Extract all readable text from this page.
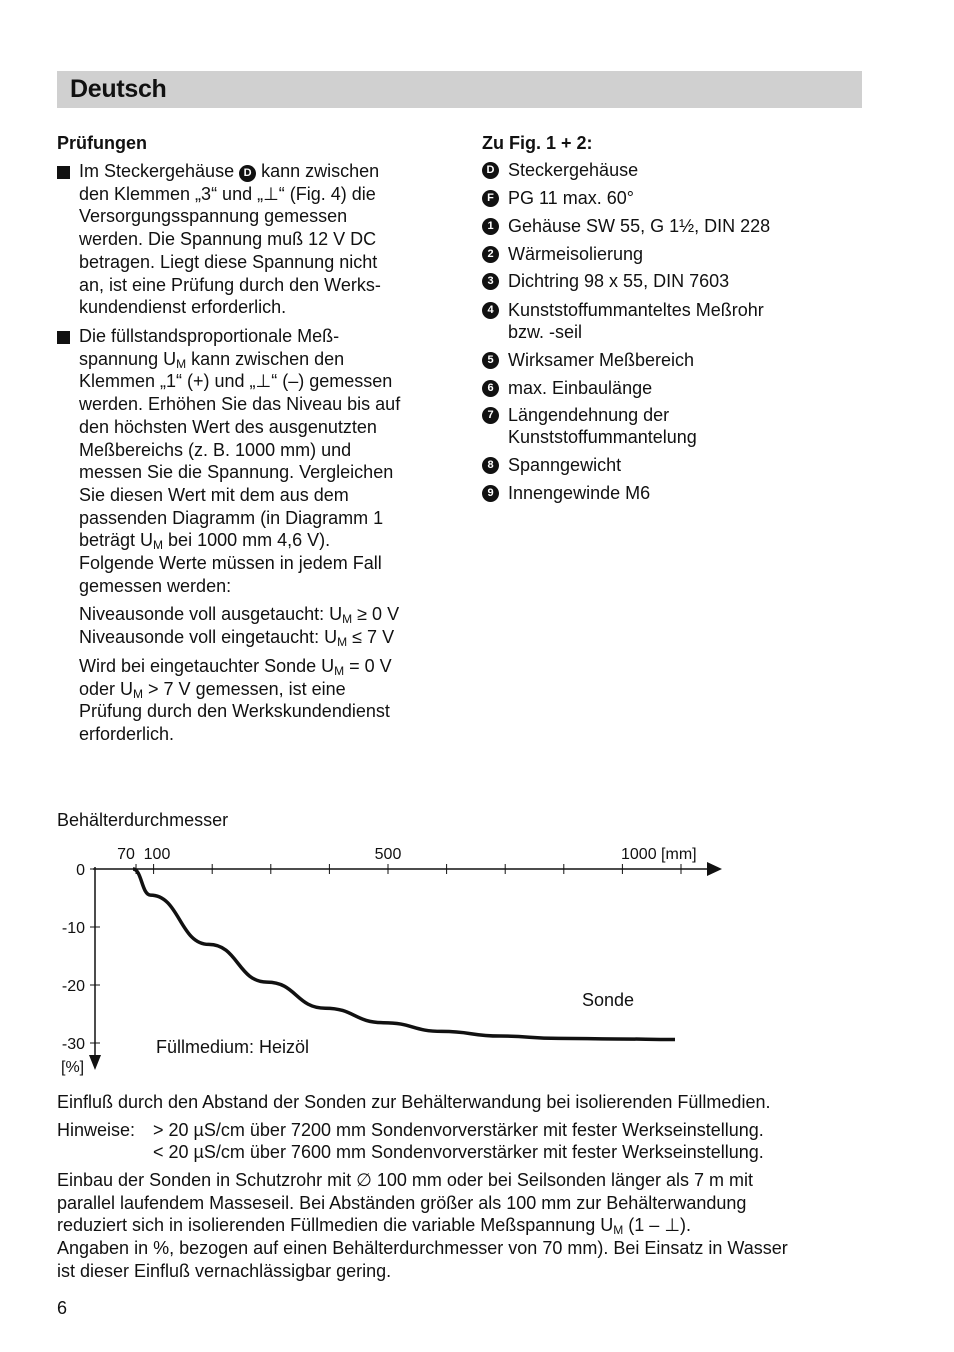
Deutsch
Prüfungen
Im Steckergehäuse D kann zwischen
den Klemmen „3“ und „⊥“ (Fig. 4) die
Versorgungsspannung gemessen
werden. Die Spannung muß 12 V DC
betragen. Liegt diese Spannung nicht
an, ist eine Prüfung durch den Werks-
kundendienst erforderlich.
Die füllstandsproportionale Meß-
spannung $U_M$ kann zwischen den
Klemmen „1“ (+) und „⊥“ (–) gemessen
werden. Erhöhen Sie das Niveau bis auf
den höchsten Wert des ausgenutzten
Meßbereichs (z. B. 1000 mm) und
messen Sie die Spannung. Vergleichen
Sie diesen Wert mit dem aus dem
passenden Diagramm (in Diagramm 1
beträgt $U_M$ bei 1000 mm 4,6 V).
Folgende Werte müssen in jedem Fall
gemessen werden:
Niveausonde voll ausgetaucht: $U_M \ge 0$ V
Niveausonde voll eingetaucht: $U_M \le 7$ V
Wird bei eingetauchter Sonde $U_M = 0$ V
oder $U_M > 7$ V gemessen, ist eine
Prüfung durch den Werkskundendienst
erforderlich.
Zu Fig. 1 + 2:
D Steckergehäuse
F PG 11 max. 60°
1 Gehäuse SW 55, G 1½, DIN 228
2 Wärmeisolierung
3 Dichtring 98 x 55, DIN 7603
4 Kunststoffummanteltes Meßrohr
bzw. -seil
5 Wirksamer Meßbereich
6 max. Einbaulänge
7 Längendehnung der
Kunststoffummantelung
8 Spanngewicht
9 Innengewinde M6
Behälterdurchmesser
70 100	500	1000 [mm]
0
-10
-20
-30
Sonde
Füllmedium: Heizöl
[%]
Einfluß durch den Abstand der Sonden zur Behälterwandung bei isolierenden Füllmedien.
Hinweise: > 20 µS/cm über 7200 mm Sondenvorverstärker mit fester Werkseinstellung.
< 20 µS/cm über 7600 mm Sondenvorverstärker mit fester Werkseinstellung.
Einbau der Sonden in Schutzrohr mit ∅ 100 mm oder bei Seilsonden länger als 7 m mit
parallel laufendem Masseseil. Bei Abständen größer als 100 mm zur Behälterwandung
reduziert sich in isolierenden Füllmedien die variable Meßspannung $U_M$ (1 – ⊥).
Angaben in %, bezogen auf einen Behälterdurchmesser von 70 mm). Bei Einsatz in Wasser
ist dieser Einfluß vernachlässigbar gering.
6
